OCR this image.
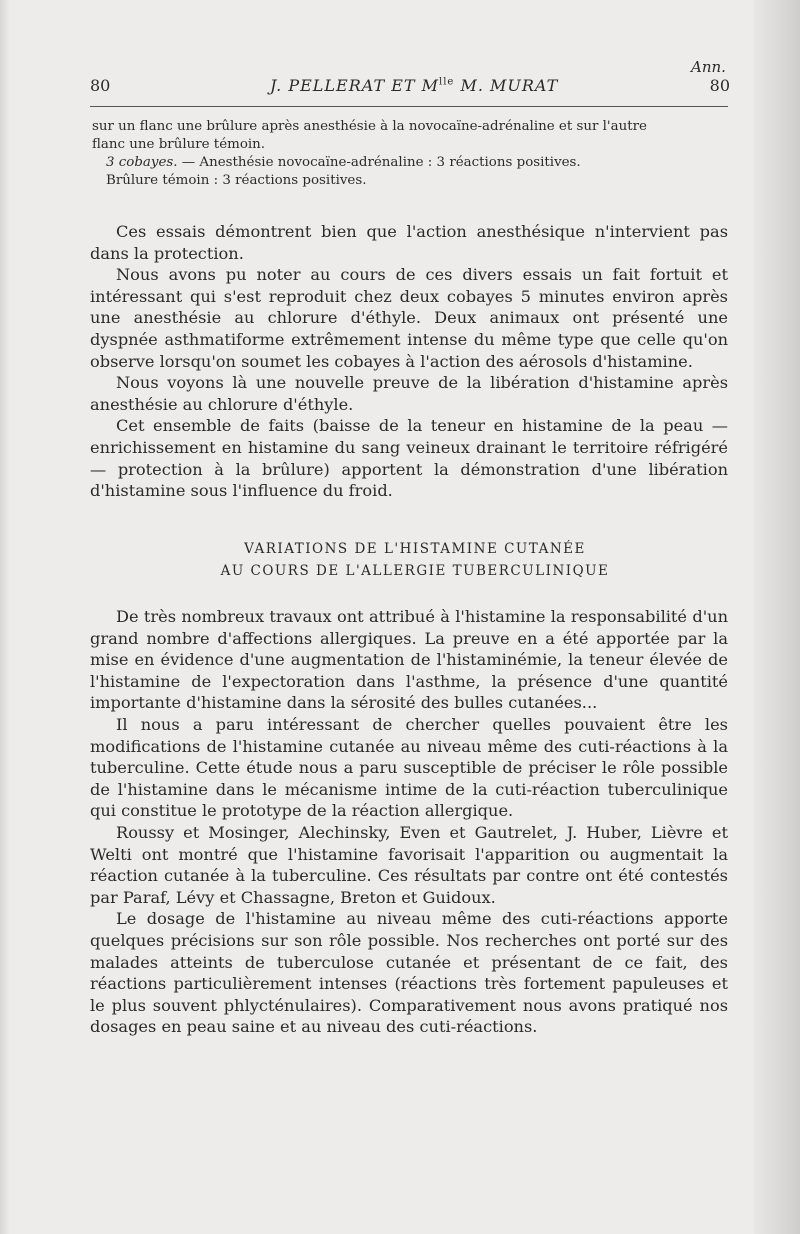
Ann.
80	J. PELLERAT ET $M^{lle}$ M. MURAT	80

sur un flanc une brûlure après anesthésie à la novocaïne-adrénaline et sur l'autre

flanc une brûlure témoin.

3 cobayes. — Anesthésie novocaïne-adrénaline : 3 réactions positives.

Brûlure témoin : 3 réactions positives.

Ces essais démontrent bien que l'action anesthésique n'intervient pas dans la protection.

Nous avons pu noter au cours de ces divers essais un fait fortuit et intéressant qui s'est reproduit chez deux cobayes 5 minutes environ après une anesthésie au chlorure d'éthyle. Deux animaux ont présenté une dyspnée asthmatiforme extrêmement intense du même type que celle qu'on observe lorsqu'on soumet les cobayes à l'action des aérosols d'histamine.

Nous voyons là une nouvelle preuve de la libération d'histamine après anesthésie au chlorure d'éthyle.

Cet ensemble de faits (baisse de la teneur en histamine de la peau — enrichissement en histamine du sang veineux drainant le territoire réfrigéré — protection à la brûlure) apportent la démonstration d'une libération d'histamine sous l'influence du froid.

VARIATIONS DE L'HISTAMINE CUTANÉE
AU COURS DE L'ALLERGIE TUBERCULINIQUE

De très nombreux travaux ont attribué à l'histamine la responsabilité d'un grand nombre d'affections allergiques. La preuve en a été apportée par la mise en évidence d'une augmentation de l'histaminémie, la teneur élevée de l'histamine de l'expectoration dans l'asthme, la présence d'une quantité importante d'histamine dans la sérosité des bulles cutanées...

Il nous a paru intéressant de chercher quelles pouvaient être les modifications de l'histamine cutanée au niveau même des cuti-réactions à la tuberculine. Cette étude nous a paru susceptible de préciser le rôle possible de l'histamine dans le mécanisme intime de la cuti-réaction tuberculinique qui constitue le prototype de la réaction allergique.

Roussy et Mosinger, Alechinsky, Even et Gautrelet, J. Huber, Lièvre et Welti ont montré que l'histamine favorisait l'apparition ou augmentait la réaction cutanée à la tuberculine. Ces résultats par contre ont été contestés par Paraf, Lévy et Chassagne, Breton et Guidoux.

Le dosage de l'histamine au niveau même des cuti-réactions apporte quelques précisions sur son rôle possible. Nos recherches ont porté sur des malades atteints de tuberculose cutanée et présentant de ce fait, des réactions particulièrement intenses (réactions très fortement papuleuses et le plus souvent phlycténulaires). Comparativement nous avons pratiqué nos dosages en peau saine et au niveau des cuti-réactions.
